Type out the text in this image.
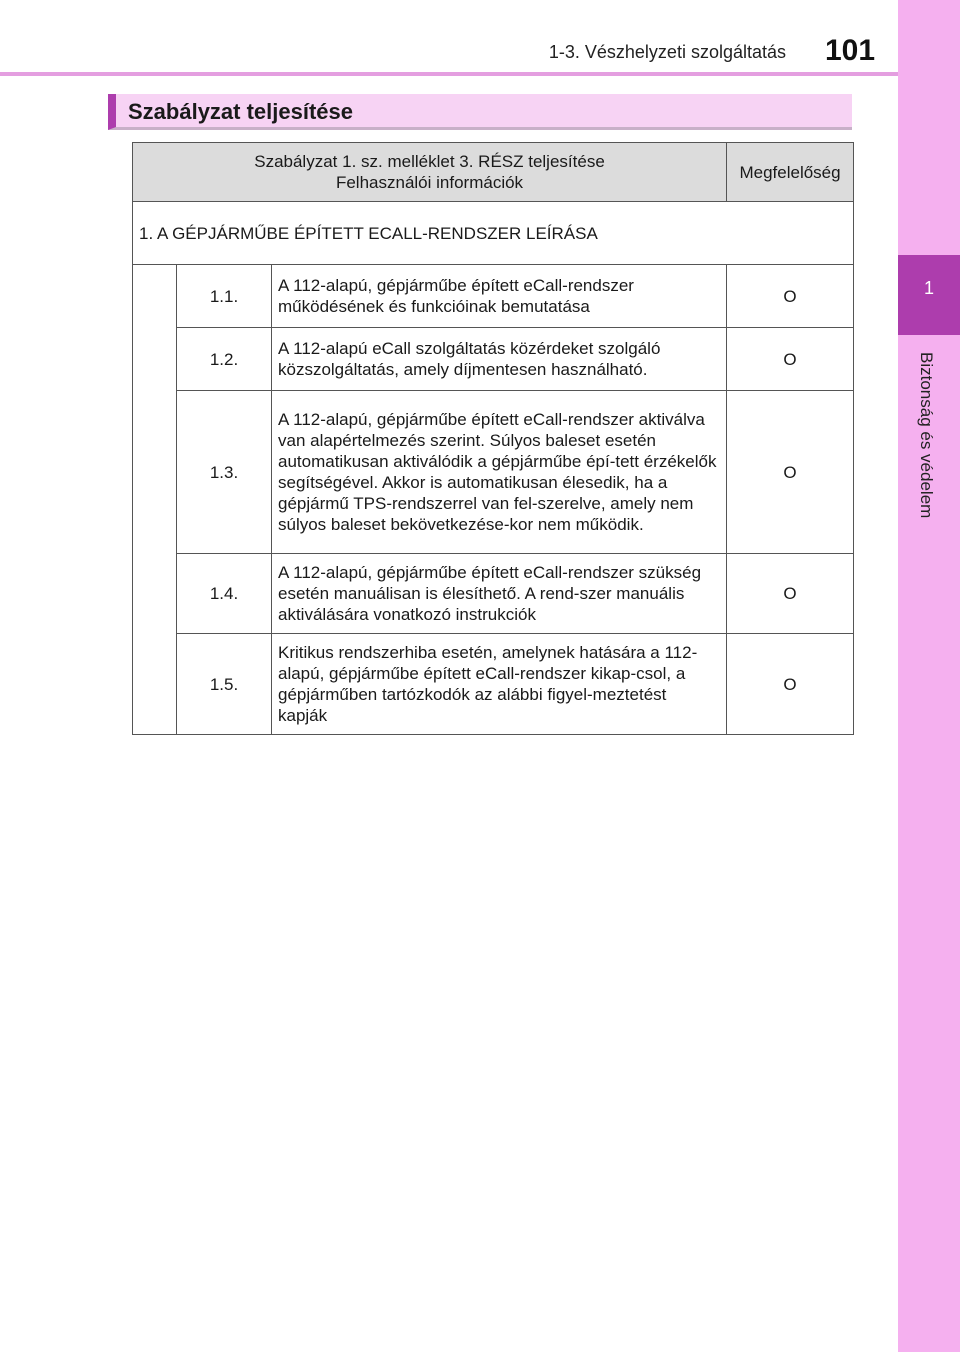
1-3. Vészhelyzeti szolgáltatás	101
1
Biztonság és védelem
Szabályzat teljesítése
Szabályzat 1. sz. melléklet 3. RÉSZ teljesítése
Felhasználói információk			Megfelelőség
1. A GÉPJÁRMŰBE ÉPÍTETT ECALL-RENDSZER LEÍRÁSA			
	1.1.	A 112-alapú, gépjárműbe épített eCall-rendszer működésének és funkcióinak bemutatása	O
	1.2.	A 112-alapú eCall szolgáltatás közérdeket szolgáló közszolgáltatás, amely díjmentesen használható.	O
	1.3.	A 112-alapú, gépjárműbe épített eCall-rendszer aktiválva van alapértelmezés szerint. Súlyos baleset esetén automatikusan aktiválódik a gépjárműbe épí-tett érzékelők segítségével. Akkor is automatikusan élesedik, ha a gépjármű TPS-rendszerrel van fel-szerelve, amely nem súlyos baleset bekövetkezése-kor nem működik.	O
	1.4.	A 112-alapú, gépjárműbe épített eCall-rendszer szükség esetén manuálisan is élesíthető. A rend-szer manuális aktiválására vonatkozó instrukciók	O
	1.5.	Kritikus rendszerhiba esetén, amelynek hatására a 112-alapú, gépjárműbe épített eCall-rendszer kikap-csol, a gépjárműben tartózkodók az alábbi figyel-meztetést kapják	O
